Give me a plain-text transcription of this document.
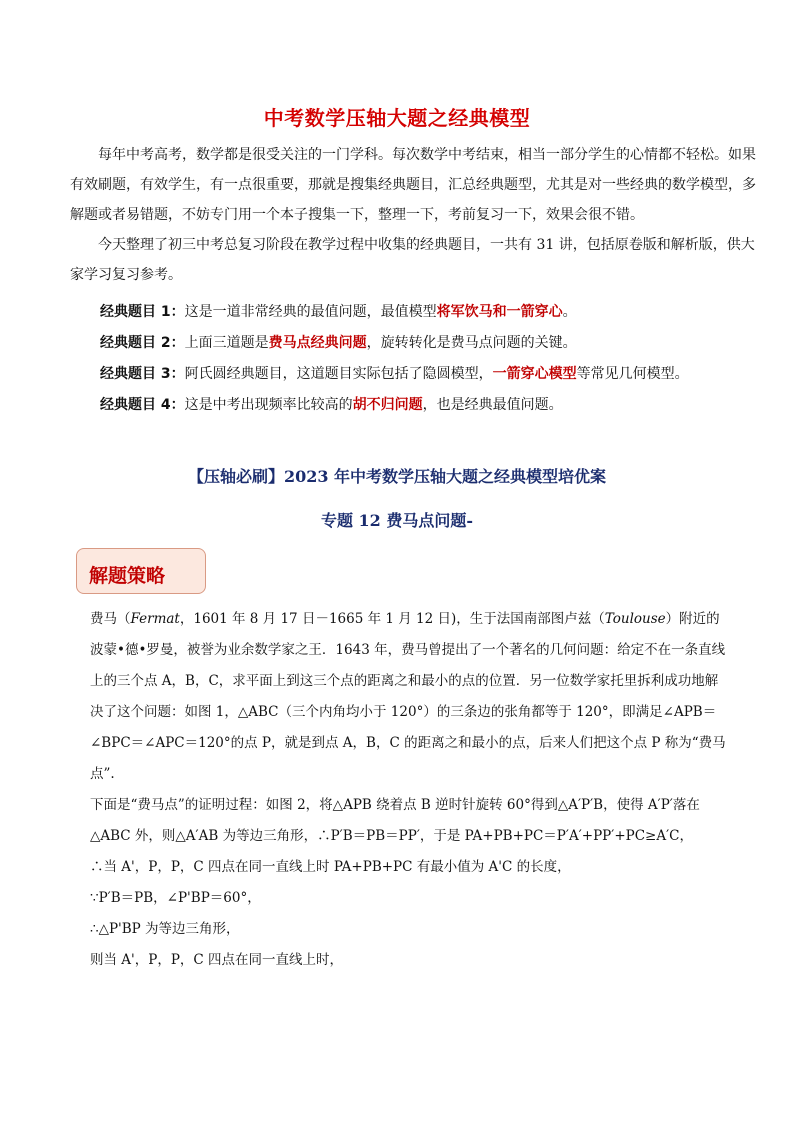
中考数学压轴大题之经典模型

每年中考高考，数学都是很受关注的一门学科。每次数学中考结束，相当一部分学生的心情都不轻松。如果有效刷题，有效学生，有一点很重要，那就是搜集经典题目，汇总经典题型，尤其是对一些经典的数学模型，多解题或者易错题，不妨专门用一个本子搜集一下，整理一下，考前复习一下，效果会很不错。

今天整理了初三中考总复习阶段在教学过程中收集的经典题目，一共有 31 讲，包括原卷版和解析版，供大家学习复习参考。

经典题目 1：这是一道非常经典的最值问题，最值模型将军饮马和一箭穿心。
经典题目 2：上面三道题是费马点经典问题，旋转转化是费马点问题的关键。
经典题目 3：阿氏圆经典题目，这道题目实际包括了隐圆模型，一箭穿心模型等常见几何模型。
经典题目 4：这是中考出现频率比较高的胡不归问题，也是经典最值问题。
【压轴必刷】2023 年中考数学压轴大题之经典模型培优案
专题 12 费马点问题-
解题策略

费马（Fermat，1601 年 8 月 17 日－1665 年 1 月 12 日)，生于法国南部图卢兹（Toulouse）附近的波蒙•德•罗曼，被誉为业余数学家之王．1643 年，费马曾提出了一个著名的几何问题：给定不在一条直线上的三个点 A，B，C，求平面上到这三个点的距离之和最小的点的位置．另一位数学家托里拆利成功地解决了这个问题：如图 1，△ABC（三个内角均小于 120°）的三条边的张角都等于 120°，即满足∠APB＝∠BPC＝∠APC＝120°的点 P，就是到点 A，B，C 的距离之和最小的点，后来人们把这个点 P 称为“费马点”.

下面是“费马点”的证明过程：如图 2，将△APB 绕着点 B 逆时针旋转 60°得到△A′P′B，使得 A′P′落在△ABC 外，则△A′AB 为等边三角形，∴P′B＝PB＝PP′，于是 PA+PB+PC＝P′A′+PP′+PC≥A′C，

∴当 A'，P，P，C 四点在同一直线上时 PA+PB+PC 有最小值为 A'C 的长度，

∵P′B＝PB，∠P'BP＝60°，

∴△P'BP 为等边三角形，

则当 A'，P，P，C 四点在同一直线上时，
